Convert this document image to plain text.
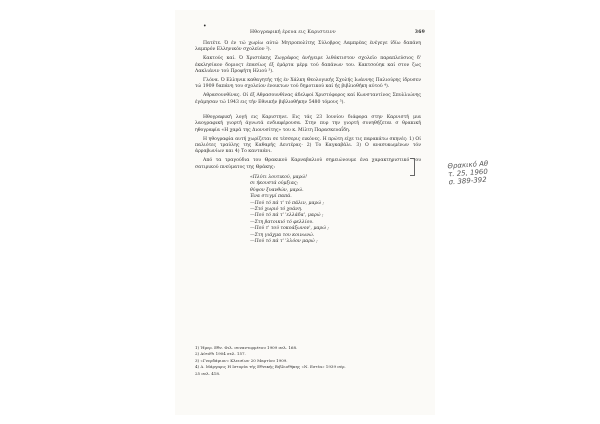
•
Ηθογραφική έρευα εις Καριστεινν	369

Πατέτε. Ό έν τώ χωρίω αύτώ Μητροπολίτης Σύλοβρος Λαμπρέας ένέγεγε ίδίω δαπάνη λαμπρόν Ελληνικόν σχολείον ²).

Κακτούς καί. Ό Χριστάκης Ζωγράφος άνήγειρε λιθόκτιστον σχολεϊο παραπλεύσιος δ' έκκλησίαον δομιοςτ έπασίως έξ έμάρτα μέρμ τού δαπάνων του. Κακτσούηκ καί στον ζως Λακλιάνιν τού Προφήτη Ηλιού ³).

Γλόνα. Ό Ελληνικ καθαγητής τής έν Χάλκη Θεολογικής Σχολής Ιωάννης Παλιούρης ίδρυσεν τώ 1909 δαπάνη του σχολείον ένοικτων τού δημοτικού καί ής βιβλιοθήκη αύτού ⁴).

Αθρασουνθίνας. Οί έξ Αθρασουνθίνας άδελφοί Χριστόφορος καί Κωνσταντίνος Σπυλλιώνης έγάμησαν τώ 1943 εις τήν Εθνικήν βιβλιοθήκην 5480 τόμους ⁵).

Ηθογραφική λογή εις Καριστηνε. Εις τάς 23 Ιουνίου διάφορα στην Καρνιστή μια λαογραφική γιορτή άγνωτά ενδιαφέρουσα. Στην πυρ την γιορτή συνηθήζεται σ θρακική ηθογραφία «Η χαρά της Διονυσίτης» του κ. Μίλτη Παρασκευαΐδη.

Η ηθογραφία αυτή χωρίζεται σε τέσσερις εικόνες. Η πρώτη είχε τις παρακάτω σκηνές: 1) Οί παλιότες τραύλης της Καθαρής Δευτέρας· 2) Το Καγκαβάλι. 3) Ο ανασυκωμένων τόν άρραβωνίων και 4) Το κανταάνι.

Από τα τραγούδια του Θρακικού Καρναβαλιού σημειώνουμε ένα χαρακτηριστικό του σατιρικού πνεύματος της Θράκης:

«Πλύτι λουτικού, μαρώ!
σι ήκουστά ούμξιας;
θύψον ξυανθών, μαρώ.
Ένα στιγμί παπά.
—Πού τό πά τ' τό πάλιν, μαρώ ;
—Στό χωριό τό χοάνη.
—Πού τό πά τ' 'ελλάδα', μαρώ ;
—Στη βατοικιό τό φελλίου.
—Πού τ' τού τοκοάξωνον', μαρώ ;
—Στη γιάχμα του κοινωνώ.
—Πού τό πά τ' 'λλόον μαρώ ;
1) Ήμερ. Εθν. Φιλ. συναντορμέτου 1909 σελ. 168.
2) Αύτόθι 1904 σελ. 157.
3) «Γνερδάμιον» Κλεισίων 20 Μαρτίου 1909.
4) Δ. Μάργαρις Η Ιστορία τής Εθνικής Βιβλιοθήκης «Ν. Εστία» 1939 σέρ.
25 σελ. 418.
Θρακικό Αθ
τ. 25, 1960
σ. 389-392
